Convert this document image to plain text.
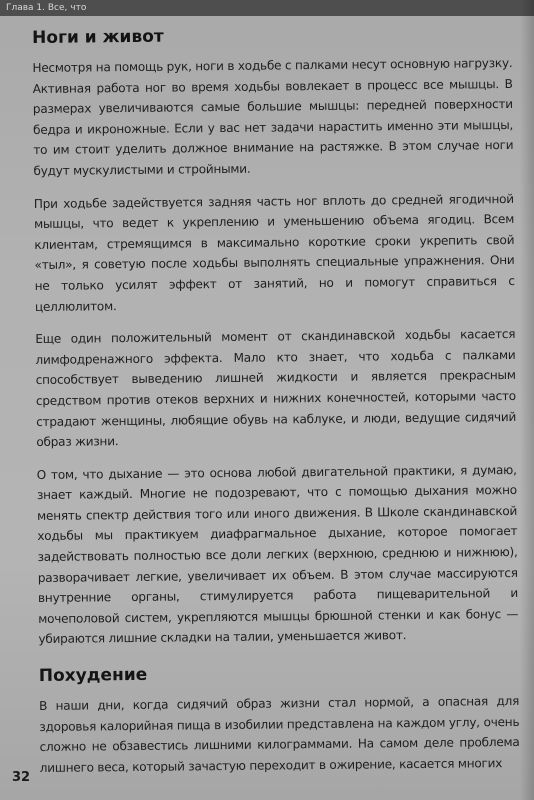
Глава 1. Все, что
Ноги и живот

Несмотря на помощь рук, ноги в ходьбе с палками несут основную нагрузку. Активная работа ног во время ходьбы вовлекает в процесс все мышцы. В размерах увеличиваются самые большие мышцы: передней поверхности бедра и икроножные. Если у вас нет задачи нарастить именно эти мышцы, то им стоит уделить должное внимание на растяжке. В этом случае ноги будут мускулистыми и стройными.

При ходьбе задействуется задняя часть ног вплоть до средней ягодичной мышцы, что ведет к укреплению и уменьшению объема ягодиц. Всем клиентам, стремящимся в максимально короткие сроки укрепить свой «тыл», я советую после ходьбы выполнять специальные упражнения. Они не только усилят эффект от занятий, но и помогут справиться с целлюлитом.

Еще один положительный момент от скандинавской ходьбы касается лимфодренажного эффекта. Мало кто знает, что ходьба с палками способствует выведению лишней жидкости и является прекрасным средством против отеков верхних и нижних конечностей, которыми часто страдают женщины, любящие обувь на каблуке, и люди, ведущие сидячий образ жизни.

О том, что дыхание — это основа любой двигательной практики, я думаю, знает каждый. Многие не подозревают, что с помощью дыхания можно менять спектр действия того или иного движения. В Школе скандинавской ходьбы мы практикуем диафрагмальное дыхание, которое помогает задействовать полностью все доли легких (верхнюю, среднюю и нижнюю), разворачивает легкие, увеличивает их объем. В этом случае массируются внутренние органы, стимулируется работа пищеварительной и мочеполовой систем, укрепляются мышцы брюшной стенки и как бонус — убираются лишние складки на талии, уменьшается живот.

Похудение

В наши дни, когда сидячий образ жизни стал нормой, а опасная для здоровья калорийная пища в изобилии представлена на каждом углу, очень сложно не обзавестись лишними килограммами. На самом деле проблема лишнего веса, который зачастую переходит в ожирение, касается многих

32
